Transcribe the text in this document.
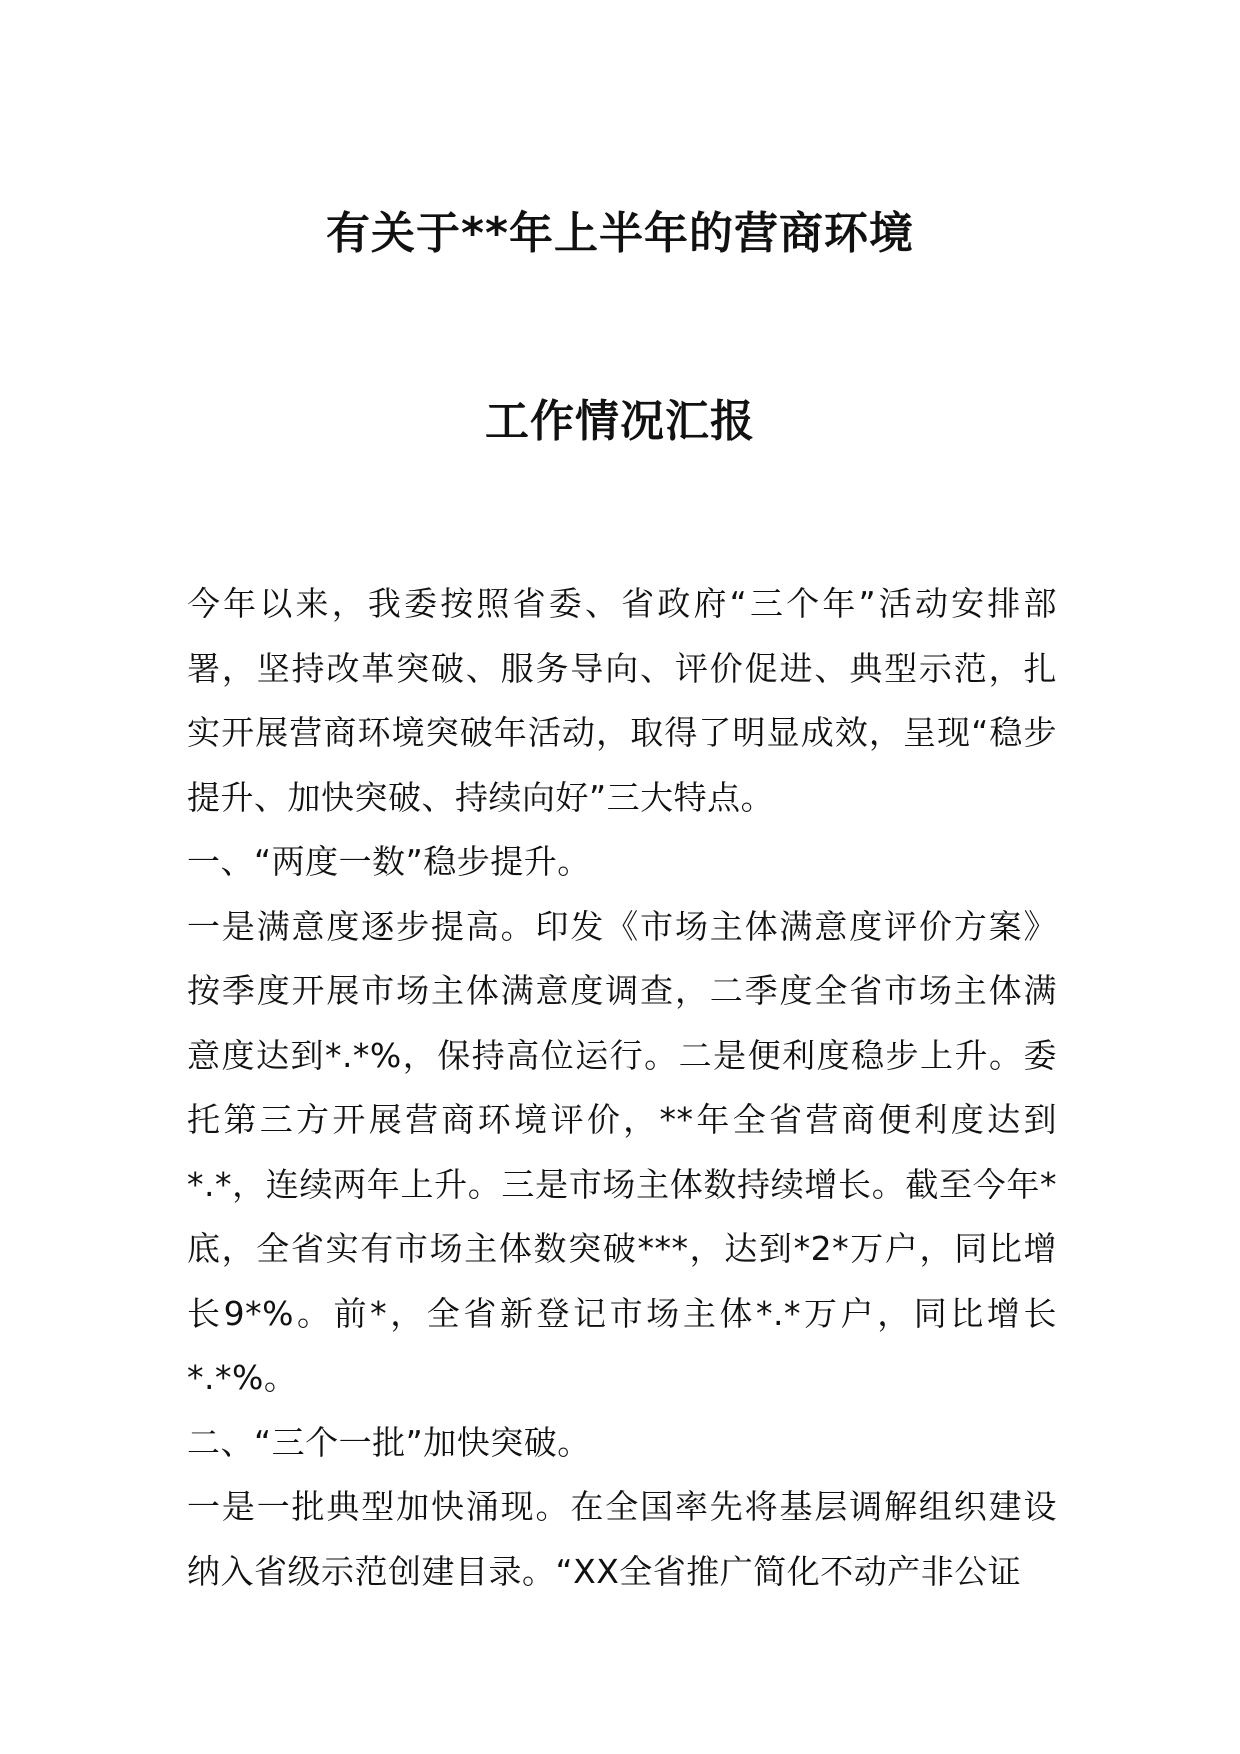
有关于**年上半年的营商环境
工作情况汇报

今年以来，我委按照省委、省政府“三个年”活动安排部署，坚持改革突破、服务导向、评价促进、典型示范，扎实开展营商环境突破年活动，取得了明显成效，呈现“稳步提升、加快突破、持续向好”三大特点。

一、“两度一数”稳步提升。

一是满意度逐步提高。印发《市场主体满意度评价方案》按季度开展市场主体满意度调查，二季度全省市场主体满意度达到*.*%，保持高位运行。二是便利度稳步上升。委托第三方开展营商环境评价，**年全省营商便利度达到*.*，连续两年上升。三是市场主体数持续增长。截至今年*底，全省实有市场主体数突破***，达到*2*万户，同比增长9*%。前*，全省新登记市场主体*.*万户，同比增长*.*%。

二、“三个一批”加快突破。

一是一批典型加快涌现。在全国率先将基层调解组织建设纳入省级示范创建目录。“XX全省推广简化不动产非公证
